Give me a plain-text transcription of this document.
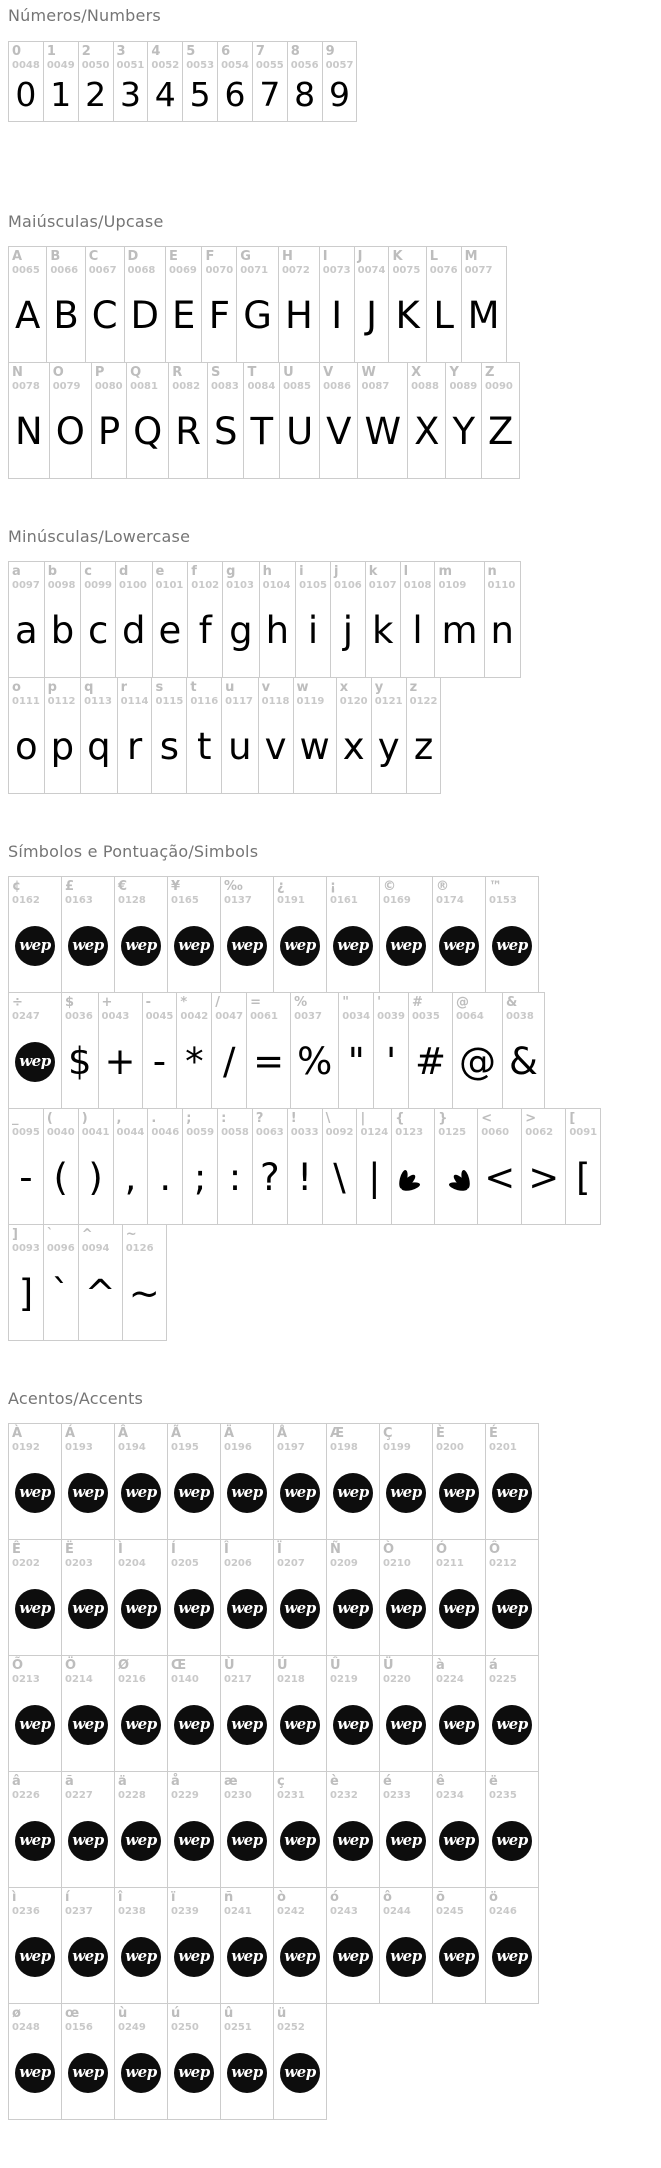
Números/Numbers
0
0048
0
1
0049
1
2
0050
2
3
0051
3
4
0052
4
5
0053
5
6
0054
6
7
0055
7
8
0056
8
9
0057
9
Maiúsculas/Upcase
A
0065
A
B
0066
B
C
0067
C
D
0068
D
E
0069
E
F
0070
F
G
0071
G
H
0072
H
I
0073
I
J
0074
J
K
0075
K
L
0076
L
M
0077
M
N
0078
N
O
0079
O
P
0080
P
Q
0081
Q
R
0082
R
S
0083
S
T
0084
T
U
0085
U
V
0086
V
W
0087
W
X
0088
X
Y
0089
Y
Z
0090
Z
Minúsculas/Lowercase
a
0097
a
b
0098
b
c
0099
c
d
0100
d
e
0101
e
f
0102
f
g
0103
g
h
0104
h
i
0105
i
j
0106
j
k
0107
k
l
0108
l
m
0109
m
n
0110
n
o
0111
o
p
0112
p
q
0113
q
r
0114
r
s
0115
s
t
0116
t
u
0117
u
v
0118
v
w
0119
w
x
0120
x
y
0121
y
z
0122
z
Símbolos e Pontuação/Simbols
¢
0162
wep
£
0163
wep
€
0128
wep
¥
0165
wep
‰
0137
wep
¿
0191
wep
¡
0161
wep
©
0169
wep
®
0174
wep
™
0153
wep
÷
0247
wep
$
0036
$
+
0043
+
-
0045
-
*
0042
*
/
0047
/
=
0061
=
%
0037
%
"
0034
"
'
0039
'
#
0035
#
@
0064
@
&
0038
&
_
0095
-
(
0040
(
)
0041
)
,
0044
,
.
0046
.
;
0059
;
:
0058
:
?
0063
?
!
0033
!
\
0092
\
|
0124
|
{
0123
}
0125
<
0060
<
>
0062
>
[
0091
[
]
0093
]
`
0096
`
^
0094
^
~
0126
~
Acentos/Accents
À
0192
wep
Á
0193
wep
Â
0194
wep
Ã
0195
wep
Ä
0196
wep
Å
0197
wep
Æ
0198
wep
Ç
0199
wep
È
0200
wep
É
0201
wep
Ê
0202
wep
Ë
0203
wep
Ì
0204
wep
Í
0205
wep
Î
0206
wep
Ï
0207
wep
Ñ
0209
wep
Ò
0210
wep
Ó
0211
wep
Ô
0212
wep
Õ
0213
wep
Ö
0214
wep
Ø
0216
wep
Œ
0140
wep
Ù
0217
wep
Ú
0218
wep
Û
0219
wep
Ü
0220
wep
à
0224
wep
á
0225
wep
â
0226
wep
ã
0227
wep
ä
0228
wep
å
0229
wep
æ
0230
wep
ç
0231
wep
è
0232
wep
é
0233
wep
ê
0234
wep
ë
0235
wep
ì
0236
wep
í
0237
wep
î
0238
wep
ï
0239
wep
ñ
0241
wep
ò
0242
wep
ó
0243
wep
ô
0244
wep
õ
0245
wep
ö
0246
wep
ø
0248
wep
œ
0156
wep
ù
0249
wep
ú
0250
wep
û
0251
wep
ü
0252
wep
